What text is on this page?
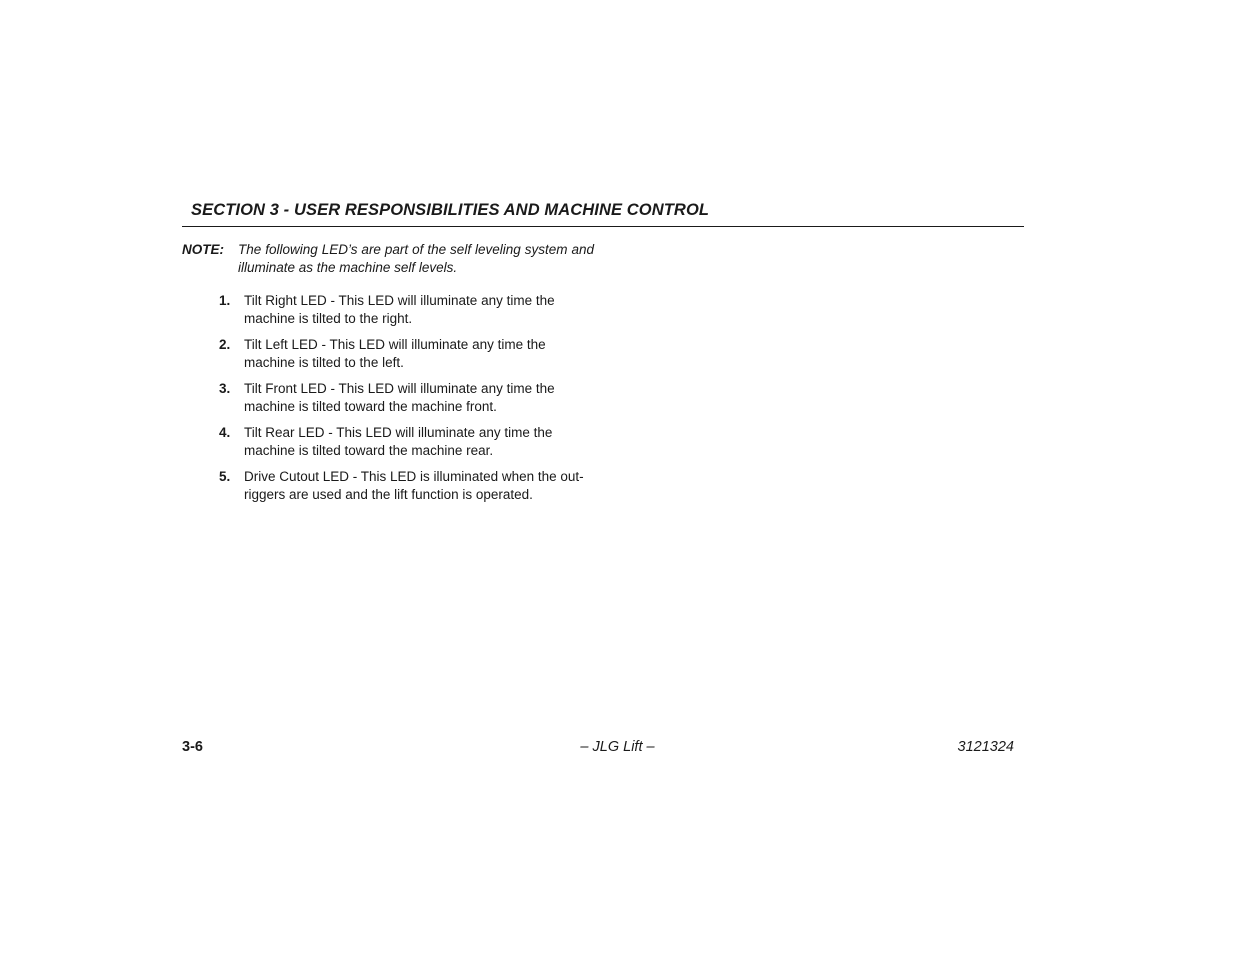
SECTION 3 - USER RESPONSIBILITIES AND MACHINE CONTROL
NOTE: The following LED’s are part of the self leveling system and illuminate as the machine self levels.
1. Tilt Right LED - This LED will illuminate any time the machine is tilted to the right.
2. Tilt Left LED - This LED will illuminate any time the machine is tilted to the left.
3. Tilt Front LED - This LED will illuminate any time the machine is tilted toward the machine front.
4. Tilt Rear LED - This LED will illuminate any time the machine is tilted toward the machine rear.
5. Drive Cutout LED - This LED is illuminated when the out-riggers are used and the lift function is operated.
3-6	– JLG Lift –	3121324
